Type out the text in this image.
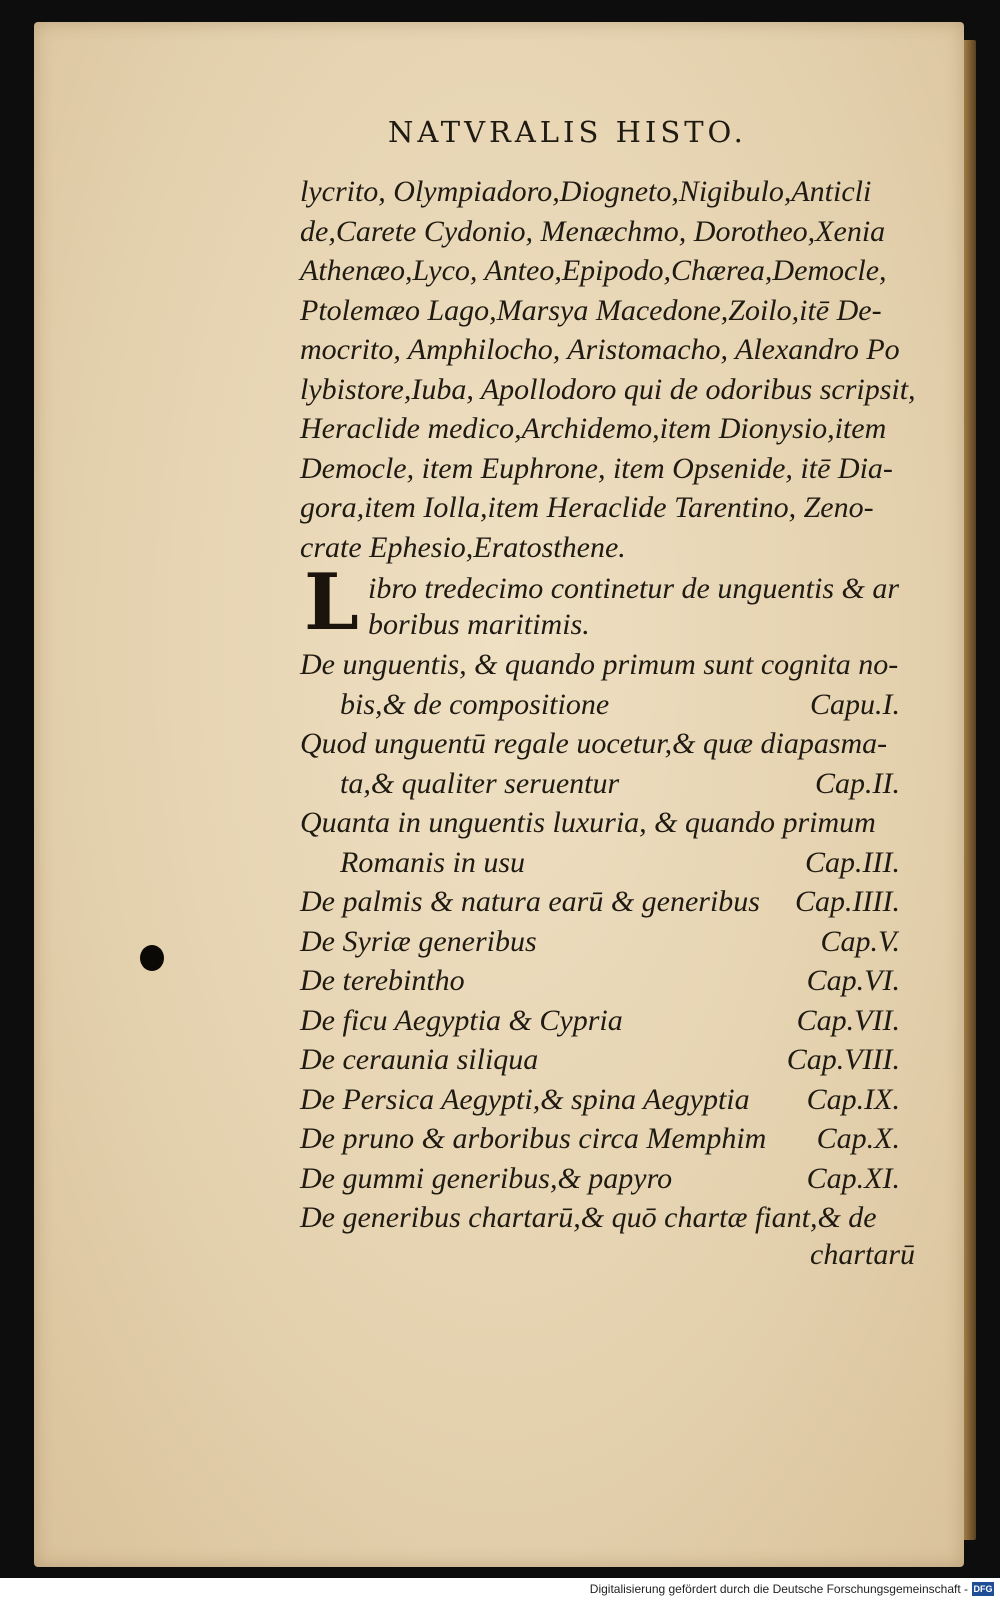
NATVRALIS HISTO.
lycrito, Olympiadoro,Diogneto,Nigibulo,Anticli
de,Carete Cydonio, Menæchmo, Dorotheo,Xenia
Athenæo,Lyco, Anteo,Epipodo,Chærea,Democle,
Ptolemæo Lago,Marsya Macedone,Zoilo,itē De-
mocrito, Amphilocho, Aristomacho, Alexandro Po
lybistore,Iuba, Apollodoro qui de odoribus scripsit,
Heraclide medico,Archidemo,item Dionysio,item
Democle, item Euphrone, item Opsenide, itē Dia-
gora,item Iolla,item Heraclide Tarentino, Zeno-
crate Ephesio,Eratosthene.
L ibro tredecimo continetur de unguentis & ar
boribus maritimis.
De unguentis, & quando primum sunt cognita no-
bis,& de compositione	Capu.I.
Quod unguentū regale uocetur,& quæ diapasma-
ta,& qualiter seruentur	Cap.II.
Quanta in unguentis luxuria, & quando primum
Romanis in usu	Cap.III.
De palmis & natura earū & generibus	Cap.IIII.
De Syriæ generibus	Cap.V.
De terebintho	Cap.VI.
De ficu Aegyptia & Cypria	Cap.VII.
De ceraunia siliqua	Cap.VIII.
De Persica Aegypti,& spina Aegyptia	Cap.IX.
De pruno & arboribus circa Memphim	Cap.X.
De gummi generibus,& papyro	Cap.XI.
De generibus chartarū,& quō chartæ fiant,& de
chartarū
Digitalisierung gefördert durch die Deutsche Forschungsgemeinschaft - DFG
